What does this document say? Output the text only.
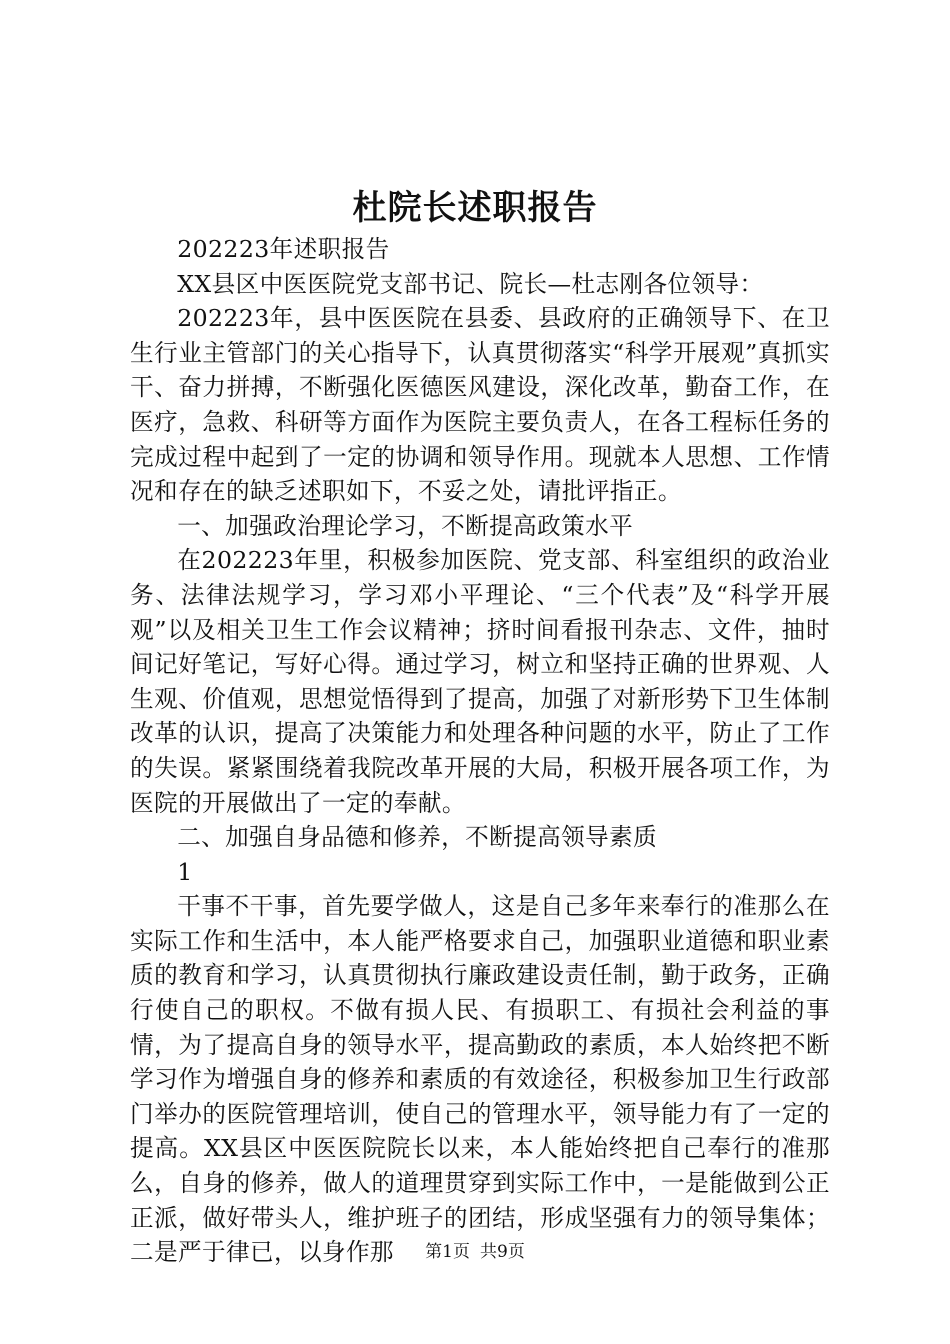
杜院长述职报告

202223年述职报告

XX县区中医医院党支部书记、院长—杜志刚各位领导：

202223年，县中医医院在县委、县政府的正确领导下、在卫生行业主管部门的关心指导下，认真贯彻落实“科学开展观”真抓实干、奋力拼搏，不断强化医德医风建设，深化改革，勤奋工作，在医疗，急救、科研等方面作为医院主要负责人，在各工程标任务的完成过程中起到了一定的协调和领导作用。现就本人思想、工作情况和存在的缺乏述职如下，不妥之处，请批评指正。

一、加强政治理论学习，不断提高政策水平

在202223年里，积极参加医院、党支部、科室组织的政治业务、法律法规学习，学习邓小平理论、“三个代表”及“科学开展观”以及相关卫生工作会议精神；挤时间看报刊杂志、文件，抽时间记好笔记，写好心得。通过学习，树立和坚持正确的世界观、人生观、价值观，思想觉悟得到了提高，加强了对新形势下卫生体制改革的认识，提高了决策能力和处理各种问题的水平，防止了工作的失误。紧紧围绕着我院改革开展的大局，积极开展各项工作，为医院的开展做出了一定的奉献。

二、加强自身品德和修养，不断提高领导素质

1

干事不干事，首先要学做人，这是自己多年来奉行的准那么在实际工作和生活中，本人能严格要求自己，加强职业道德和职业素质的教育和学习，认真贯彻执行廉政建设责任制，勤于政务，正确行使自己的职权。不做有损人民、有损职工、有损社会利益的事情，为了提高自身的领导水平，提高勤政的素质，本人始终把不断学习作为增强自身的修养和素质的有效途径，积极参加卫生行政部门举办的医院管理培训，使自己的管理水平，领导能力有了一定的提高。XX县区中医医院院长以来，本人能始终把自己奉行的准那么，自身的修养，做人的道理贯穿到实际工作中，一是能做到公正正派，做好带头人，维护班子的团结，形成坚强有力的领导集体；二是严于律已，以身作那	第1页 共9页
